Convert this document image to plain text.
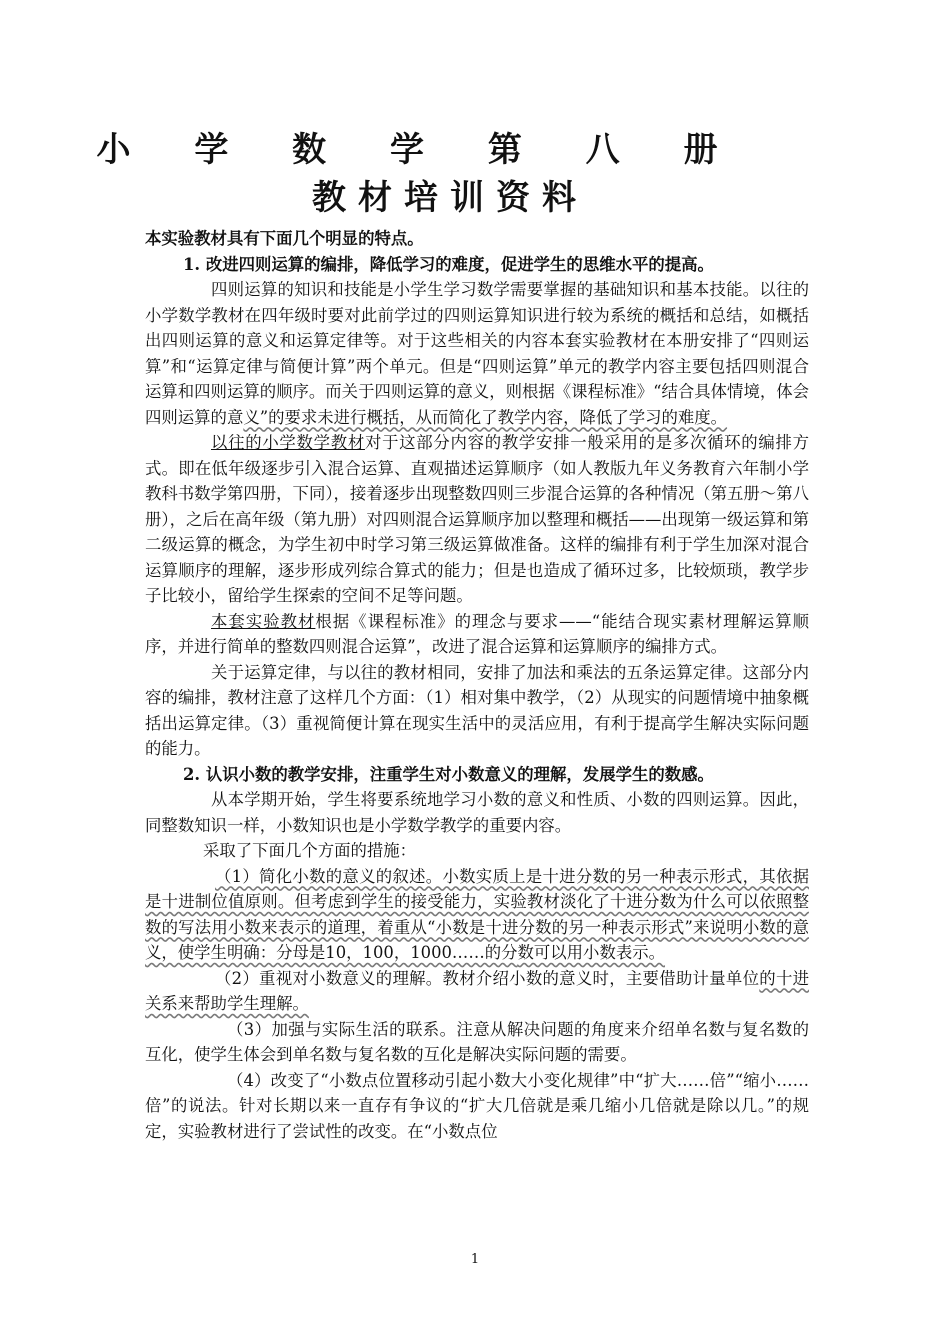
小 学 数 学 第 八 册
教材培训资料

本实验教材具有下面几个明显的特点。

1. 改进四则运算的编排，降低学习的难度，促进学生的思维水平的提高。

四则运算的知识和技能是小学生学习数学需要掌握的基础知识和基本技能。以往的小学数学教材在四年级时要对此前学过的四则运算知识进行较为系统的概括和总结，如概括出四则运算的意义和运算定律等。对于这些相关的内容本套实验教材在本册安排了“四则运算”和“运算定律与简便计算”两个单元。但是“四则运算”单元的教学内容主要包括四则混合运算和四则运算的顺序。而关于四则运算的意义，则根据《课程标准》“结合具体情境，体会四则运算的意义”的要求未进行概括，从而简化了教学内容，降低了学习的难度。

以往的小学数学教材对于这部分内容的教学安排一般采用的是多次循环的编排方式。即在低年级逐步引入混合运算、直观描述运算顺序（如人教版九年义务教育六年制小学教科书数学第四册，下同），接着逐步出现整数四则三步混合运算的各种情况（第五册～第八册），之后在高年级（第九册）对四则混合运算顺序加以整理和概括——出现第一级运算和第二级运算的概念，为学生初中时学习第三级运算做准备。这样的编排有利于学生加深对混合运算顺序的理解，逐步形成列综合算式的能力；但是也造成了循环过多，比较烦琐，教学步子比较小，留给学生探索的空间不足等问题。

本套实验教材根据《课程标准》的理念与要求——“能结合现实素材理解运算顺序，并进行简单的整数四则混合运算”，改进了混合运算和运算顺序的编排方式。

关于运算定律，与以往的教材相同，安排了加法和乘法的五条运算定律。这部分内容的编排，教材注意了这样几个方面：（1）相对集中教学，（2）从现实的问题情境中抽象概括出运算定律。（3）重视简便计算在现实生活中的灵活应用，有利于提高学生解决实际问题的能力。

2. 认识小数的教学安排，注重学生对小数意义的理解，发展学生的数感。

从本学期开始，学生将要系统地学习小数的意义和性质、小数的四则运算。因此，同整数知识一样，小数知识也是小学数学教学的重要内容。

采取了下面几个方面的措施：

（1）简化小数的意义的叙述。小数实质上是十进分数的另一种表示形式，其依据是十进制位值原则。但考虑到学生的接受能力，实验教材淡化了十进分数为什么可以依照整数的写法用小数来表示的道理，着重从“小数是十进分数的另一种表示形式”来说明小数的意义，使学生明确：分母是10，100，1000……的分数可以用小数表示。

（2）重视对小数意义的理解。教材介绍小数的意义时，主要借助计量单位的十进关系来帮助学生理解。

（3）加强与实际生活的联系。注意从解决问题的角度来介绍单名数与复名数的互化，使学生体会到单名数与复名数的互化是解决实际问题的需要。

（4）改变了“小数点位置移动引起小数大小变化规律”中“扩大……倍”“缩小……倍”的说法。针对长期以来一直存有争议的“扩大几倍就是乘几缩小几倍就是除以几。”的规定，实验教材进行了尝试性的改变。在“小数点位

1
